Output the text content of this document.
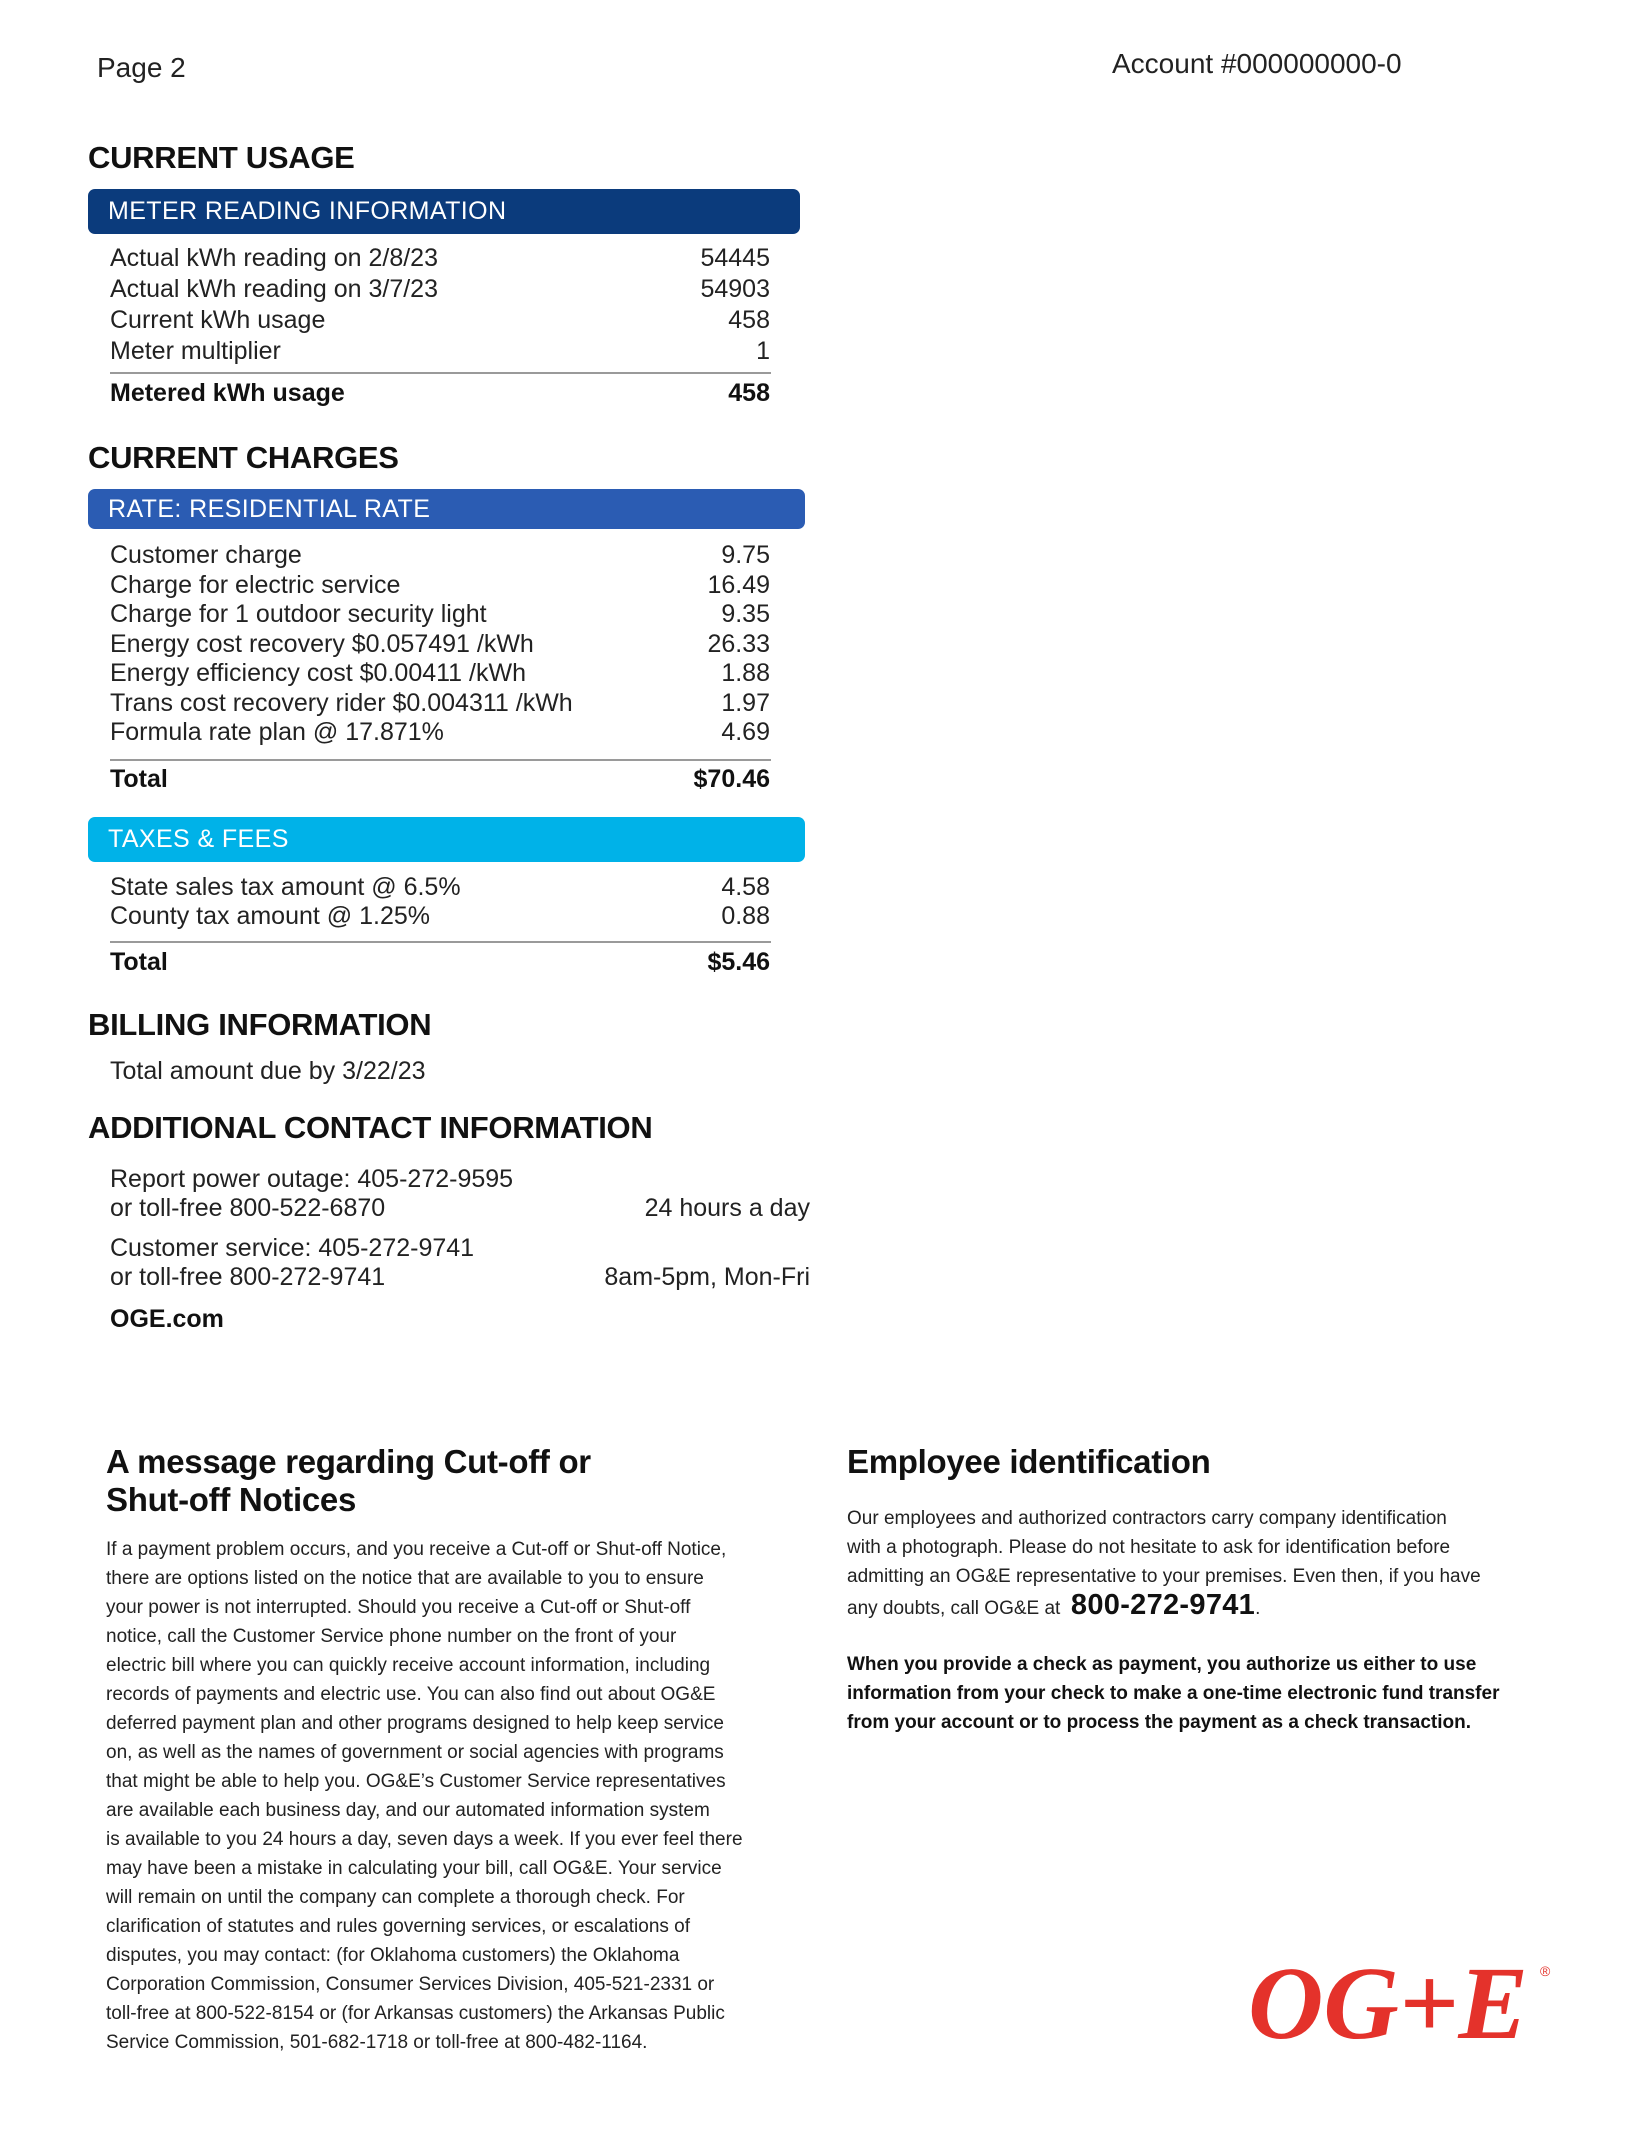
Page 2	Account #000000000-0
CURRENT USAGE
METER READING INFORMATION
Actual kWh reading on 2/8/23	54445
Actual kWh reading on 3/7/23	54903
Current kWh usage	458
Meter multiplier	1
Metered kWh usage	458
CURRENT CHARGES
RATE: RESIDENTIAL RATE
Customer charge	9.75
Charge for electric service	16.49
Charge for 1 outdoor security light	9.35
Energy cost recovery $0.057491 /kWh	26.33
Energy efficiency cost $0.00411 /kWh	1.88
Trans cost recovery rider $0.004311 /kWh	1.97
Formula rate plan @ 17.871%	4.69
Total	$70.46
TAXES & FEES
State sales tax amount @ 6.5%	4.58
County tax amount @ 1.25%	0.88
Total	$5.46
BILLING INFORMATION
Total amount due by 3/22/23
ADDITIONAL CONTACT INFORMATION
Report power outage: 405-272-9595
or toll-free 800-522-6870	24 hours a day
Customer service: 405-272-9741
or toll-free 800-272-9741	8am-5pm, Mon-Fri
OGE.com
A message regarding Cut-off or
Shut-off Notices
If a payment problem occurs, and you receive a Cut-off or Shut-off Notice,
there are options listed on the notice that are available to you to ensure
your power is not interrupted. Should you receive a Cut-off or Shut-off
notice, call the Customer Service phone number on the front of your
electric bill where you can quickly receive account information, including
records of payments and electric use. You can also find out about OG&E
deferred payment plan and other programs designed to help keep service
on, as well as the names of government or social agencies with programs
that might be able to help you. OG&E’s Customer Service representatives
are available each business day, and our automated information system
is available to you 24 hours a day, seven days a week. If you ever feel there
may have been a mistake in calculating your bill, call OG&E. Your service
will remain on until the company can complete a thorough check. For
clarification of statutes and rules governing services, or escalations of
disputes, you may contact: (for Oklahoma customers) the Oklahoma
Corporation Commission, Consumer Services Division, 405-521-2331 or
toll-free at 800-522-8154 or (for Arkansas customers) the Arkansas Public
Service Commission, 501-682-1718 or toll-free at 800-482-1164.
Employee identification
Our employees and authorized contractors carry company identification
with a photograph. Please do not hesitate to ask for identification before
admitting an OG&E representative to your premises. Even then, if you have
any doubts, call OG&E at 800-272-9741.
When you provide a check as payment, you authorize us either to use
information from your check to make a one-time electronic fund transfer
from your account or to process the payment as a check transaction.
OG+E ®
